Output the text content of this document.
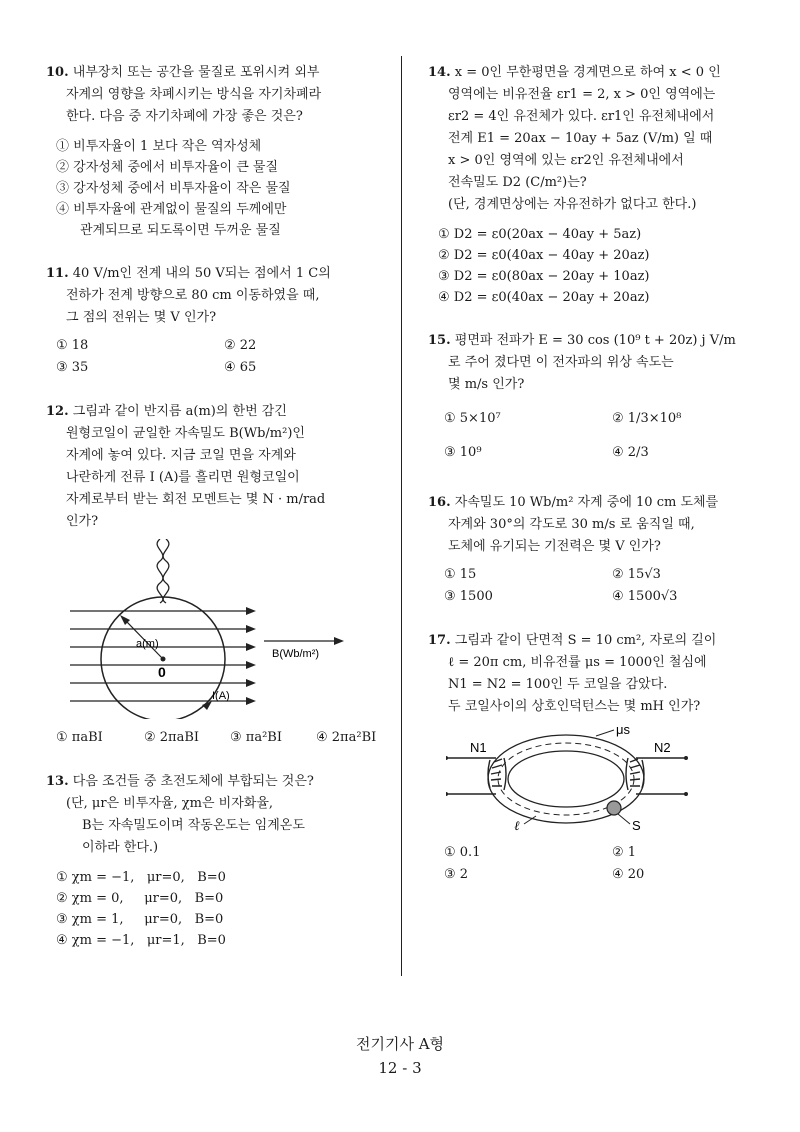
10. 내부장치 또는 공간을 물질로 포위시켜 외부
자계의 영향을 차폐시키는 방식을 자기차폐라
한다. 다음 중 자기차폐에 가장 좋은 것은?
① 비투자율이 1 보다 작은 역자성체
② 강자성체 중에서 비투자율이 큰 물질
③ 강자성체 중에서 비투자율이 작은 물질
④ 비투자율에 관계없이 물질의 두께에만
관계되므로 되도록이면 두꺼운 물질
11. 40 V/m인 전계 내의 50 V되는 점에서 1 C의
전하가 전계 방향으로 80 cm 이동하였을 때,
그 점의 전위는 몇 V 인가?
① 18	② 22
③ 35	④ 65
12. 그림과 같이 반지름 a(m)의 한번 감긴
원형코일이 균일한 자속밀도 B(Wb/m²)인
자계에 놓여 있다. 지금 코일 면을 자계와
나란하게 전류 I (A)를 흘리면 원형코일이
자계로부터 받는 회전 모멘트는 몇 N · m/rad
인가?
a(m)
0
I(A)
B(Wb/m²)
① πaBI	② 2πaBI	③ πa²BI	④ 2πa²BI
13. 다음 조건들 중 초전도체에 부합되는 것은?
(단, μr은 비투자율, χm은 비자화율,
B는 자속밀도이며 작동온도는 임계온도
이하라 한다.)
① χm = −1,   μr=0,   B=0
② χm = 0,     μr=0,   B=0
③ χm = 1,     μr=0,   B=0
④ χm = −1,   μr=1,   B=0
14. x = 0인 무한평면을 경계면으로 하여 x < 0 인
영역에는 비유전율 εr1 = 2, x > 0인 영역에는
εr2 = 4인 유전체가 있다. εr1인 유전체내에서
전계 E1 = 20ax − 10ay + 5az (V/m) 일 때
x > 0인 영역에 있는 εr2인 유전체내에서
전속밀도 D2 (C/m²)는?
(단, 경계면상에는 자유전하가 없다고 한다.)
① D2 = ε0(20ax − 40ay + 5az)
② D2 = ε0(40ax − 40ay + 20az)
③ D2 = ε0(80ax − 20ay + 10az)
④ D2 = ε0(40ax − 20ay + 20az)
15. 평면파 전파가 E = 30 cos (10⁹ t + 20z) j V/m
로 주어 졌다면 이 전자파의 위상 속도는
몇 m/s 인가?
① 5×10⁷	② 1/3×10⁸
③ 10⁹	④ 2/3
16. 자속밀도 10 Wb/m² 자계 중에 10 cm 도체를
자계와 30°의 각도로 30 m/s 로 움직일 때,
도체에 유기되는 기전력은 몇 V 인가?
① 15	② 15√3
③ 1500	④ 1500√3
17. 그림과 같이 단면적 S = 10 cm², 자로의 길이
ℓ = 20π cm, 비유전률 μs = 1000인 철심에
N1 = N2 = 100인 두 코일을 감았다.
두 코일사이의 상호인덕턴스는 몇 mH 인가?
μs
N1	N2
ℓ	S
① 0.1	② 1
③ 2	④ 20
전기기사 A형
12 - 3
